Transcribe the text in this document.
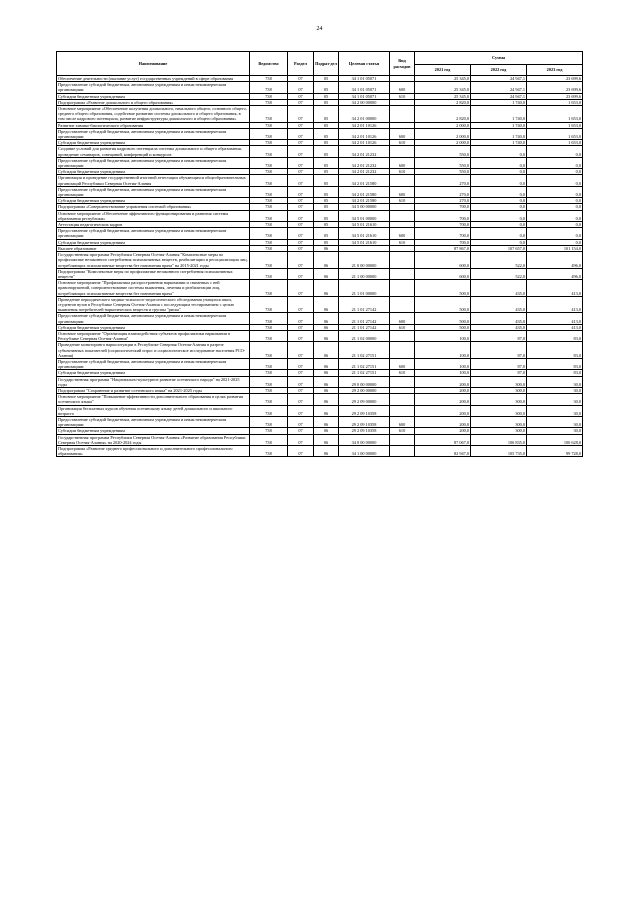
24
Наименование	Ведомство	Раздел	Подраз-дел	Целевая статья	Вид расходов	Сумма		
						2021 год	2022 год	2023 год
Обеспечение деятельности (оказание услуг) государственных учреждений в сфере образования	738	07	05	34 1 01 05071		25 345,0	24 947,1	23 699,6
Предоставление субсидий бюджетным, автономным учреждениям и иным некоммерческим организациям	738	07	05	34 1 01 05071	600	25 345,0	24 947,1	23 699,6
Субсидии бюджетным учреждениям	738	07	05	34 1 01 05071	610	25 345,0	24 947,1	23 699,6
Подпрограмма «Развитие дошкольного и общего образования»	738	07	05	34 2 00 00000		2 820,0	1 740,0	1 653,0
Основное мероприятие «Обеспечение получения дошкольного, начального общего, основного общего, среднего общего образования, содействие развитию системы дошкольного и общего образования, в том числе кадрового потенциала, развитие инфраструктуры дошкольного и общего образования»	738	07	05	34 2 01 00000		2 820,0	1 740,0	1 653,0
Развитие химико-биологического образования	738	07	05	34 2 01 10126		2 000,0	1 740,0	1 653,0
Предоставление субсидий бюджетным, автономным учреждениям и иным некоммерческим организациям	738	07	05	34 2 01 10126	600	2 000,0	1 740,0	1 653,0
Субсидии бюджетным учреждениям	738	07	05	34 2 01 10126	610	2 000,0	1 740,0	1 653,0
Создание условий для развития кадрового потенциала системы дошкольного и общего образования, проведение семинаров, совещаний, конференций и конкурсов	738	07	05	34 2 01 21232		550,0	0,0	0,0
Предоставление субсидий бюджетным, автономным учреждениям и иным некоммерческим организациям	738	07	05	34 2 01 21232	600	550,0	0,0	0,0
Субсидии бюджетным учреждениям	738	07	05	34 2 01 21232	610	550,0	0,0	0,0
Организация и проведение государственной итоговой аттестации обучающихся общеобразовательных организаций Республики Северная Осетия-Алания	738	07	05	34 2 01 21580		270,0	0,0	0,0
Предоставление субсидий бюджетным, автономным учреждениям и иным некоммерческим организациям	738	07	05	34 2 01 21580	600	270,0	0,0	0,0
Субсидии бюджетным учреждениям	738	07	05	34 2 01 21580	610	270,0	0,0	0,0
Подпрограмма «Совершенствование управления системой образования»	738	07	05	34 5 00 00000		700,0	0,0	0,0
Основное мероприятие «Обеспечение эффективного функционирования и развития системы образования республики»	738	07	05	34 5 01 00000		700,0	0,0	0,0
Аттестация педагогических кадров	738	07	05	34 5 01 21610		700,0	0,0	0,0
Предоставление субсидий бюджетным, автономным учреждениям и иным некоммерческим организациям	738	07	05	34 5 01 21610	600	700,0	0,0	0,0
Субсидии бюджетным учреждениям	738	07	05	34 5 01 21610	610	700,0	0,0	0,0
Высшее образование	738	07	06			87 867,0	107 657,0	101 154,0
Государственная программа Республики Северная Осетия-Алания "Комплексные меры по профилактике незаконного потребления психоактивных веществ, реабилитации и ресоциализации лиц, потребляющих психоактивные вещества без назначения врача" на 2015-2021 годы	738	07	06	21 0 00 00000		600,0	522,0	496,0
Подпрограмма "Комплексные меры по профилактике незаконного потребления психоактивных веществ"	738	07	06	21 1 00 00000		600,0	522,0	496,0
Основное мероприятие "Профилактика распространения наркомании и связанных с ней правонарушений, совершенствование системы выявления, лечения и реабилитации лиц, потребляющих психоактивные вещества без назначения врача"	738	07	06	21 1 01 00000		500,0	435,0	413,0
Проведение периодического медико-психолого-педагогического обследования учащихся школ, студентов вузов в Республике Северная Осетия-Алания с последующим тестированием с целью выявления потребителей наркотических веществ и группы "риска"	738	07	06	21 1 01 27142		500,0	435,0	413,0
Предоставление субсидий бюджетным, автономным учреждениям и иным некоммерческим организациям	738	07	06	21 1 01 27142	600	500,0	435,0	413,0
Субсидии бюджетным учреждениям	738	07	06	21 1 01 27142	610	500,0	435,0	413,0
Основное мероприятие "Организация взаимодействия субъектов профилактики наркомании в Республике Северная Осетия-Алания"	738	07	06	21 1 02 00000		100,0	87,0	83,0
Проведение мониторинга наркоситуации в Республике Северная Осетия-Алания в разрезе субъективных показателей (социологический опрос и социологическое исследование населения РСО-Алания)	738	07	06	21 1 02 27151		100,0	87,0	83,0
Предоставление субсидий бюджетным, автономным учреждениям и иным некоммерческим организациям	738	07	06	21 1 02 27151	600	100,0	87,0	83,0
Субсидии бюджетным учреждениям	738	07	06	21 1 02 27151	610	100,0	87,0	83,0
Государственная программа "Национально-культурное развитие осетинского народа" на 2021-2025 годы	738	07	06	29 0 00 00000		200,0	300,0	30,0
Подпрограмма "Сохранение и развитие осетинского языка" на 2021-2025 годы	738	07	06	29 2 00 00000		200,0	300,0	30,0
Основное мероприятие "Повышение эффективности дополнительного образования в целях развития осетинского языка"	738	07	06	29 2 09 00000		200,0	300,0	30,0
Организация бесплатных курсов обучения осетинскому языку детей дошкольного и школьного возраста	738	07	06	29 2 09 10358		200,0	300,0	30,0
Предоставление субсидий бюджетным, автономным учреждениям и иным некоммерческим организациям	738	07	06	29 2 09 10358	600	200,0	300,0	30,0
Субсидии бюджетным учреждениям	738	07	06	29 2 09 10358	610	200,0	300,0	30,0
Государственная программа Республики Северная Осетия-Алания «Развитие образования Республики Северная Осетия-Алания» на 2020-2024 годы	738	07	06	34 0 00 00000		87 067,0	106 835,0	100 628,0
Подпрограмма «Развитие среднего профессионального и дополнительного профессионального образования»	738	07	06	34 1 00 00000		82 947,0	105 735,0	99 728,0
